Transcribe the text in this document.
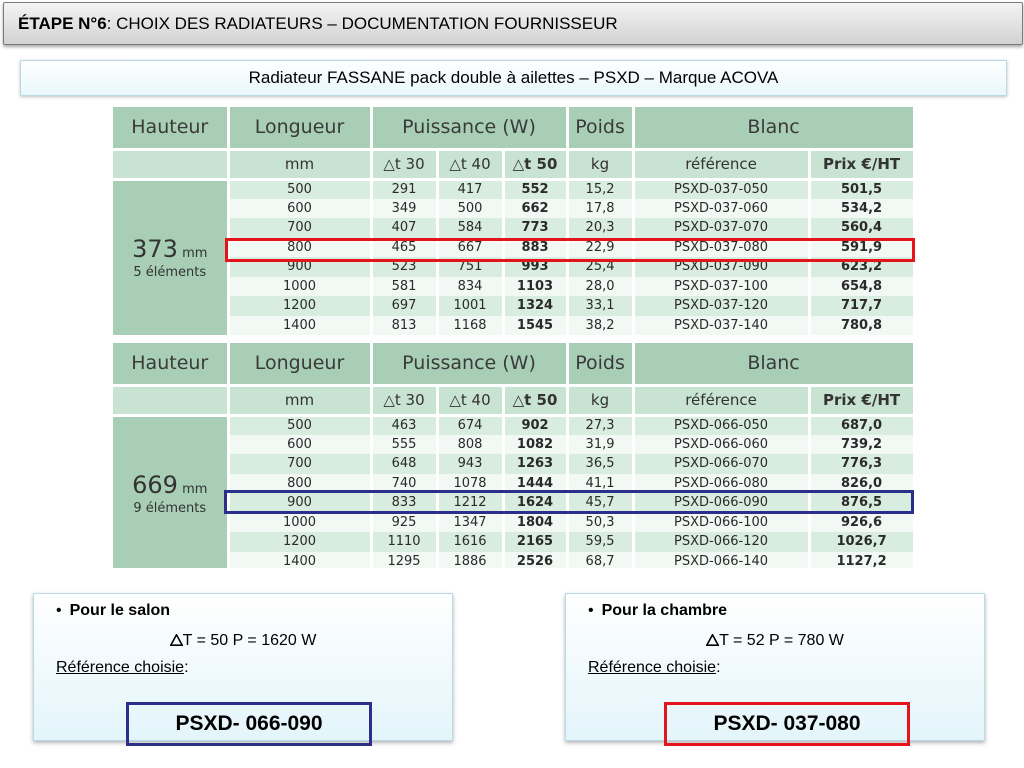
ÉTAPE N°6 : CHOIX DES RADIATEURS – DOCUMENTATION FOURNISSEUR
Radiateur FASSANE pack double à ailettes – PSXD – Marque ACOVA
Hauteur	Longueur	Puissance (W)			Poids	Blanc	
	mm	△t 30	△t 40	△t 50	kg	référence	Prix €/HT

373 mm
5 éléments	500	291	417	552	15,2	PSXD-037-050	501,5
	600	349	500	662	17,8	PSXD-037-060	534,2
	700	407	584	773	20,3	PSXD-037-070	560,4
	800	465	667	883	22,9	PSXD-037-080	591,9
	900	523	751	993	25,4	PSXD-037-090	623,2
	1000	581	834	1103	28,0	PSXD-037-100	654,8
	1200	697	1001	1324	33,1	PSXD-037-120	717,7
	1400	813	1168	1545	38,2	PSXD-037-140	780,8
Hauteur	Longueur	Puissance (W)			Poids	Blanc	
	mm	△t 30	△t 40	△t 50	kg	référence	Prix €/HT

669 mm
9 éléments	500	463	674	902	27,3	PSXD-066-050	687,0
	600	555	808	1082	31,9	PSXD-066-060	739,2
	700	648	943	1263	36,5	PSXD-066-070	776,3
	800	740	1078	1444	41,1	PSXD-066-080	826,0
	900	833	1212	1624	45,7	PSXD-066-090	876,5
	1000	925	1347	1804	50,3	PSXD-066-100	926,6
	1200	1110	1616	2165	59,5	PSXD-066-120	1026,7
	1400	1295	1886	2526	68,7	PSXD-066-140	1127,2
• Pour le salon
T = 50 P = 1620 W
Référence choisie:
PSXD- 066-090
• Pour la chambre
T = 52 P = 780 W
Référence choisie:
PSXD- 037-080
